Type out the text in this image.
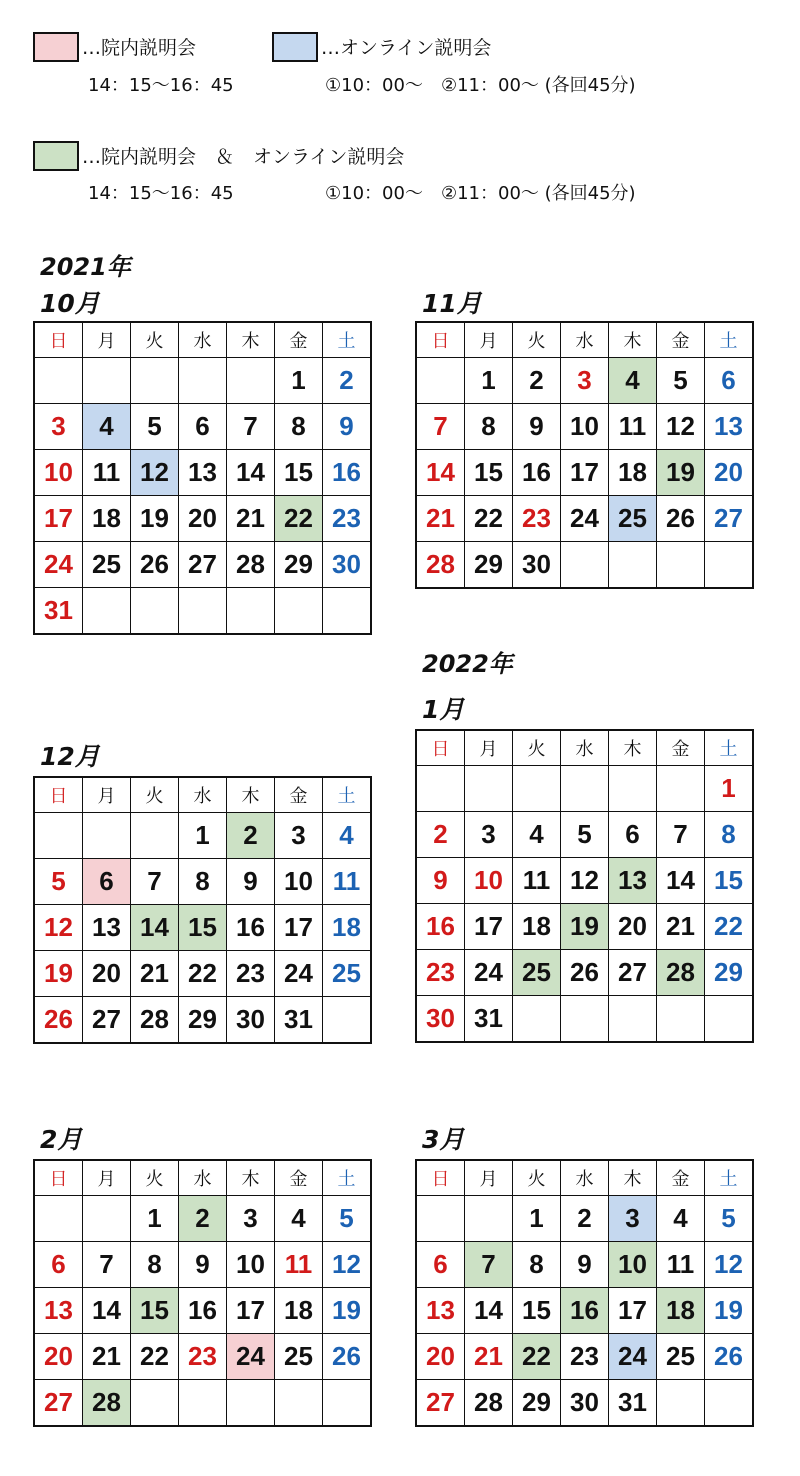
…院内説明会
14：15～16：45
…オンライン説明会
①10：00～　②11：00～ (各回45分)
…院内説明会　＆　オンライン説明会
14：15～16：45	①10：00～　②11：00～ (各回45分)
2021年
2022年
10月	11月
12月
1月
2月	3月
日	月	火	水	木	金	土
					1	2
3	4	5	6	7	8	9
10	11	12	13	14	15	16
17	18	19	20	21	22	23
24	25	26	27	28	29	30
31						
日	月	火	水	木	金	土
	1	2	3	4	5	6
7	8	9	10	11	12	13
14	15	16	17	18	19	20
21	22	23	24	25	26	27
28	29	30				
日	月	火	水	木	金	土
			1	2	3	4
5	6	7	8	9	10	11
12	13	14	15	16	17	18
19	20	21	22	23	24	25
26	27	28	29	30	31	
日	月	火	水	木	金	土
						1
2	3	4	5	6	7	8
9	10	11	12	13	14	15
16	17	18	19	20	21	22
23	24	25	26	27	28	29
30	31					
日	月	火	水	木	金	土
		1	2	3	4	5
6	7	8	9	10	11	12
13	14	15	16	17	18	19
20	21	22	23	24	25	26
27	28					
日	月	火	水	木	金	土
		1	2	3	4	5
6	7	8	9	10	11	12
13	14	15	16	17	18	19
20	21	22	23	24	25	26
27	28	29	30	31		
